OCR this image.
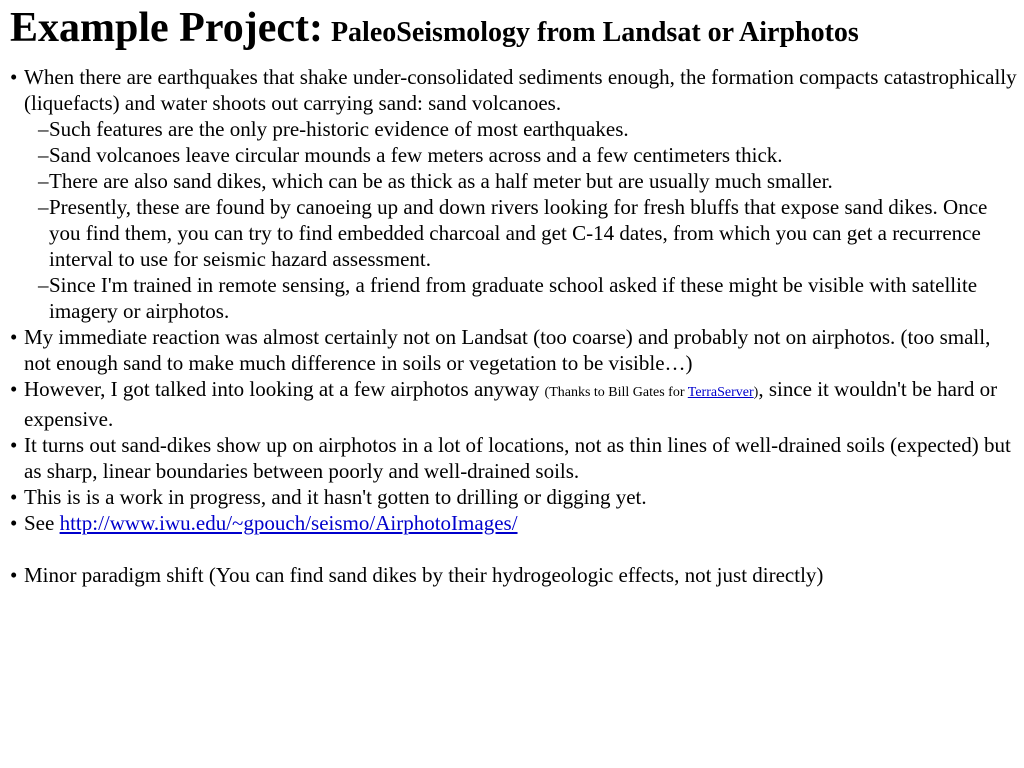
Example Project: PaleoSeismology from Landsat or Airphotos
• When there are earthquakes that shake under-consolidated sediments enough, the formation compacts catastrophically (liquefacts) and water shoots out carrying sand: sand volcanoes.
– Such features are the only pre-historic evidence of most earthquakes.
– Sand volcanoes leave circular mounds a few meters across and a few centimeters thick.
– There are also sand dikes, which can be as thick as a half meter but are usually much smaller.
– Presently, these are found by canoeing up and down rivers looking for fresh bluffs that expose sand dikes. Once you find them, you can try to find embedded charcoal and get C-14 dates, from which you can get a recurrence interval to use for seismic hazard assessment.
– Since I'm trained in remote sensing, a friend from graduate school asked if these might be visible with satellite imagery or airphotos.
• My immediate reaction was almost certainly not on Landsat (too coarse) and probably not on airphotos. (too small, not enough sand to make much difference in soils or vegetation to be visible…)
• However, I got talked into looking at a few airphotos anyway (Thanks to Bill Gates for TerraServer), since it wouldn't be hard or expensive.
• It turns out sand-dikes show up on airphotos in a lot of locations, not as thin lines of well-drained soils (expected) but as sharp, linear boundaries between poorly and well-drained soils.
• This is is a work in progress, and it hasn't gotten to drilling or digging yet.
• See http://www.iwu.edu/~gpouch/seismo/AirphotoImages/
• Minor paradigm shift (You can find sand dikes by their hydrogeologic effects, not just directly)
